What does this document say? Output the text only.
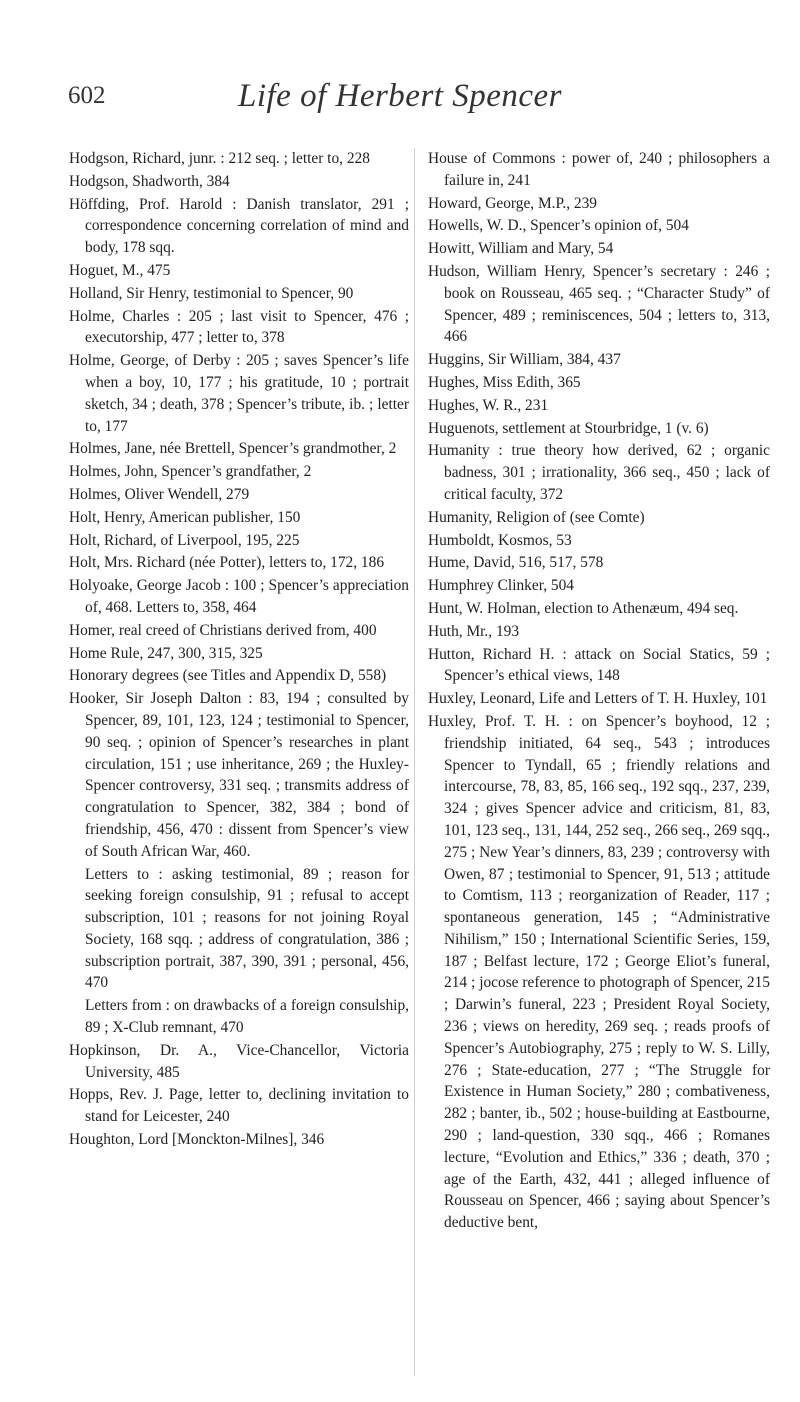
602	Life of Herbert Spencer
Hodgson, Richard, junr. : 212 seq. ; letter to, 228
Hodgson, Shadworth, 384
Höffding, Prof. Harold : Danish translator, 291 ; correspondence concerning correlation of mind and body, 178 sqq.
Hoguet, M., 475
Holland, Sir Henry, testimonial to Spencer, 90
Holme, Charles : 205 ; last visit to Spencer, 476 ; executorship, 477 ; letter to, 378
Holme, George, of Derby : 205 ; saves Spencer’s life when a boy, 10, 177 ; his gratitude, 10 ; portrait sketch, 34 ; death, 378 ; Spencer’s tribute, ib. ; letter to, 177
Holmes, Jane, née Brettell, Spencer’s grandmother, 2
Holmes, John, Spencer’s grandfather, 2
Holmes, Oliver Wendell, 279
Holt, Henry, American publisher, 150
Holt, Richard, of Liverpool, 195, 225
Holt, Mrs. Richard (née Potter), letters to, 172, 186
Holyoake, George Jacob : 100 ; Spencer’s appreciation of, 468. Letters to, 358, 464
Homer, real creed of Christians derived from, 400
Home Rule, 247, 300, 315, 325
Honorary degrees (see Titles and Appendix D, 558)
Hooker, Sir Joseph Dalton : 83, 194 ; consulted by Spencer, 89, 101, 123, 124 ; testimonial to Spencer, 90 seq. ; opinion of Spencer’s researches in plant circulation, 151 ; use inheritance, 269 ; the Huxley-Spencer controversy, 331 seq. ; transmits address of congratulation to Spencer, 382, 384 ; bond of friendship, 456, 470 : dissent from Spencer’s view of South African War, 460.
Letters to : asking testimonial, 89 ; reason for seeking foreign consulship, 91 ; refusal to accept subscription, 101 ; reasons for not joining Royal Society, 168 sqq. ; address of congratulation, 386 ; subscription portrait, 387, 390, 391 ; personal, 456, 470
Letters from : on drawbacks of a foreign consulship, 89 ; X-Club remnant, 470
Hopkinson, Dr. A., Vice-Chancellor, Victoria University, 485
Hopps, Rev. J. Page, letter to, declining invitation to stand for Leicester, 240
Houghton, Lord [Monckton-Milnes], 346
House of Commons : power of, 240 ; philosophers a failure in, 241
Howard, George, M.P., 239
Howells, W. D., Spencer’s opinion of, 504
Howitt, William and Mary, 54
Hudson, William Henry, Spencer’s secretary : 246 ; book on Rousseau, 465 seq. ; “Character Study” of Spencer, 489 ; reminiscences, 504 ; letters to, 313, 466
Huggins, Sir William, 384, 437
Hughes, Miss Edith, 365
Hughes, W. R., 231
Huguenots, settlement at Stourbridge, 1 (v. 6)
Humanity : true theory how derived, 62 ; organic badness, 301 ; irrationality, 366 seq., 450 ; lack of critical faculty, 372
Humanity, Religion of (see Comte)
Humboldt, Kosmos, 53
Hume, David, 516, 517, 578
Humphrey Clinker, 504
Hunt, W. Holman, election to Athenæum, 494 seq.
Huth, Mr., 193
Hutton, Richard H. : attack on Social Statics, 59 ; Spencer’s ethical views, 148
Huxley, Leonard, Life and Letters of T. H. Huxley, 101
Huxley, Prof. T. H. : on Spencer’s boyhood, 12 ; friendship initiated, 64 seq., 543 ; introduces Spencer to Tyndall, 65 ; friendly relations and intercourse, 78, 83, 85, 166 seq., 192 sqq., 237, 239, 324 ; gives Spencer advice and criticism, 81, 83, 101, 123 seq., 131, 144, 252 seq., 266 seq., 269 sqq., 275 ; New Year’s dinners, 83, 239 ; controversy with Owen, 87 ; testimonial to Spencer, 91, 513 ; attitude to Comtism, 113 ; reorganization of Reader, 117 ; spontaneous generation, 145 ; “Administrative Nihilism,” 150 ; International Scientific Series, 159, 187 ; Belfast lecture, 172 ; George Eliot’s funeral, 214 ; jocose reference to photograph of Spencer, 215 ; Darwin’s funeral, 223 ; President Royal Society, 236 ; views on heredity, 269 seq. ; reads proofs of Spencer’s Autobiography, 275 ; reply to W. S. Lilly, 276 ; State-education, 277 ; “The Struggle for Existence in Human Society,” 280 ; combativeness, 282 ; banter, ib., 502 ; house-building at Eastbourne, 290 ; land-question, 330 sqq., 466 ; Romanes lecture, “Evolution and Ethics,” 336 ; death, 370 ; age of the Earth, 432, 441 ; alleged influence of Rousseau on Spencer, 466 ; saying about Spencer’s deductive bent,
